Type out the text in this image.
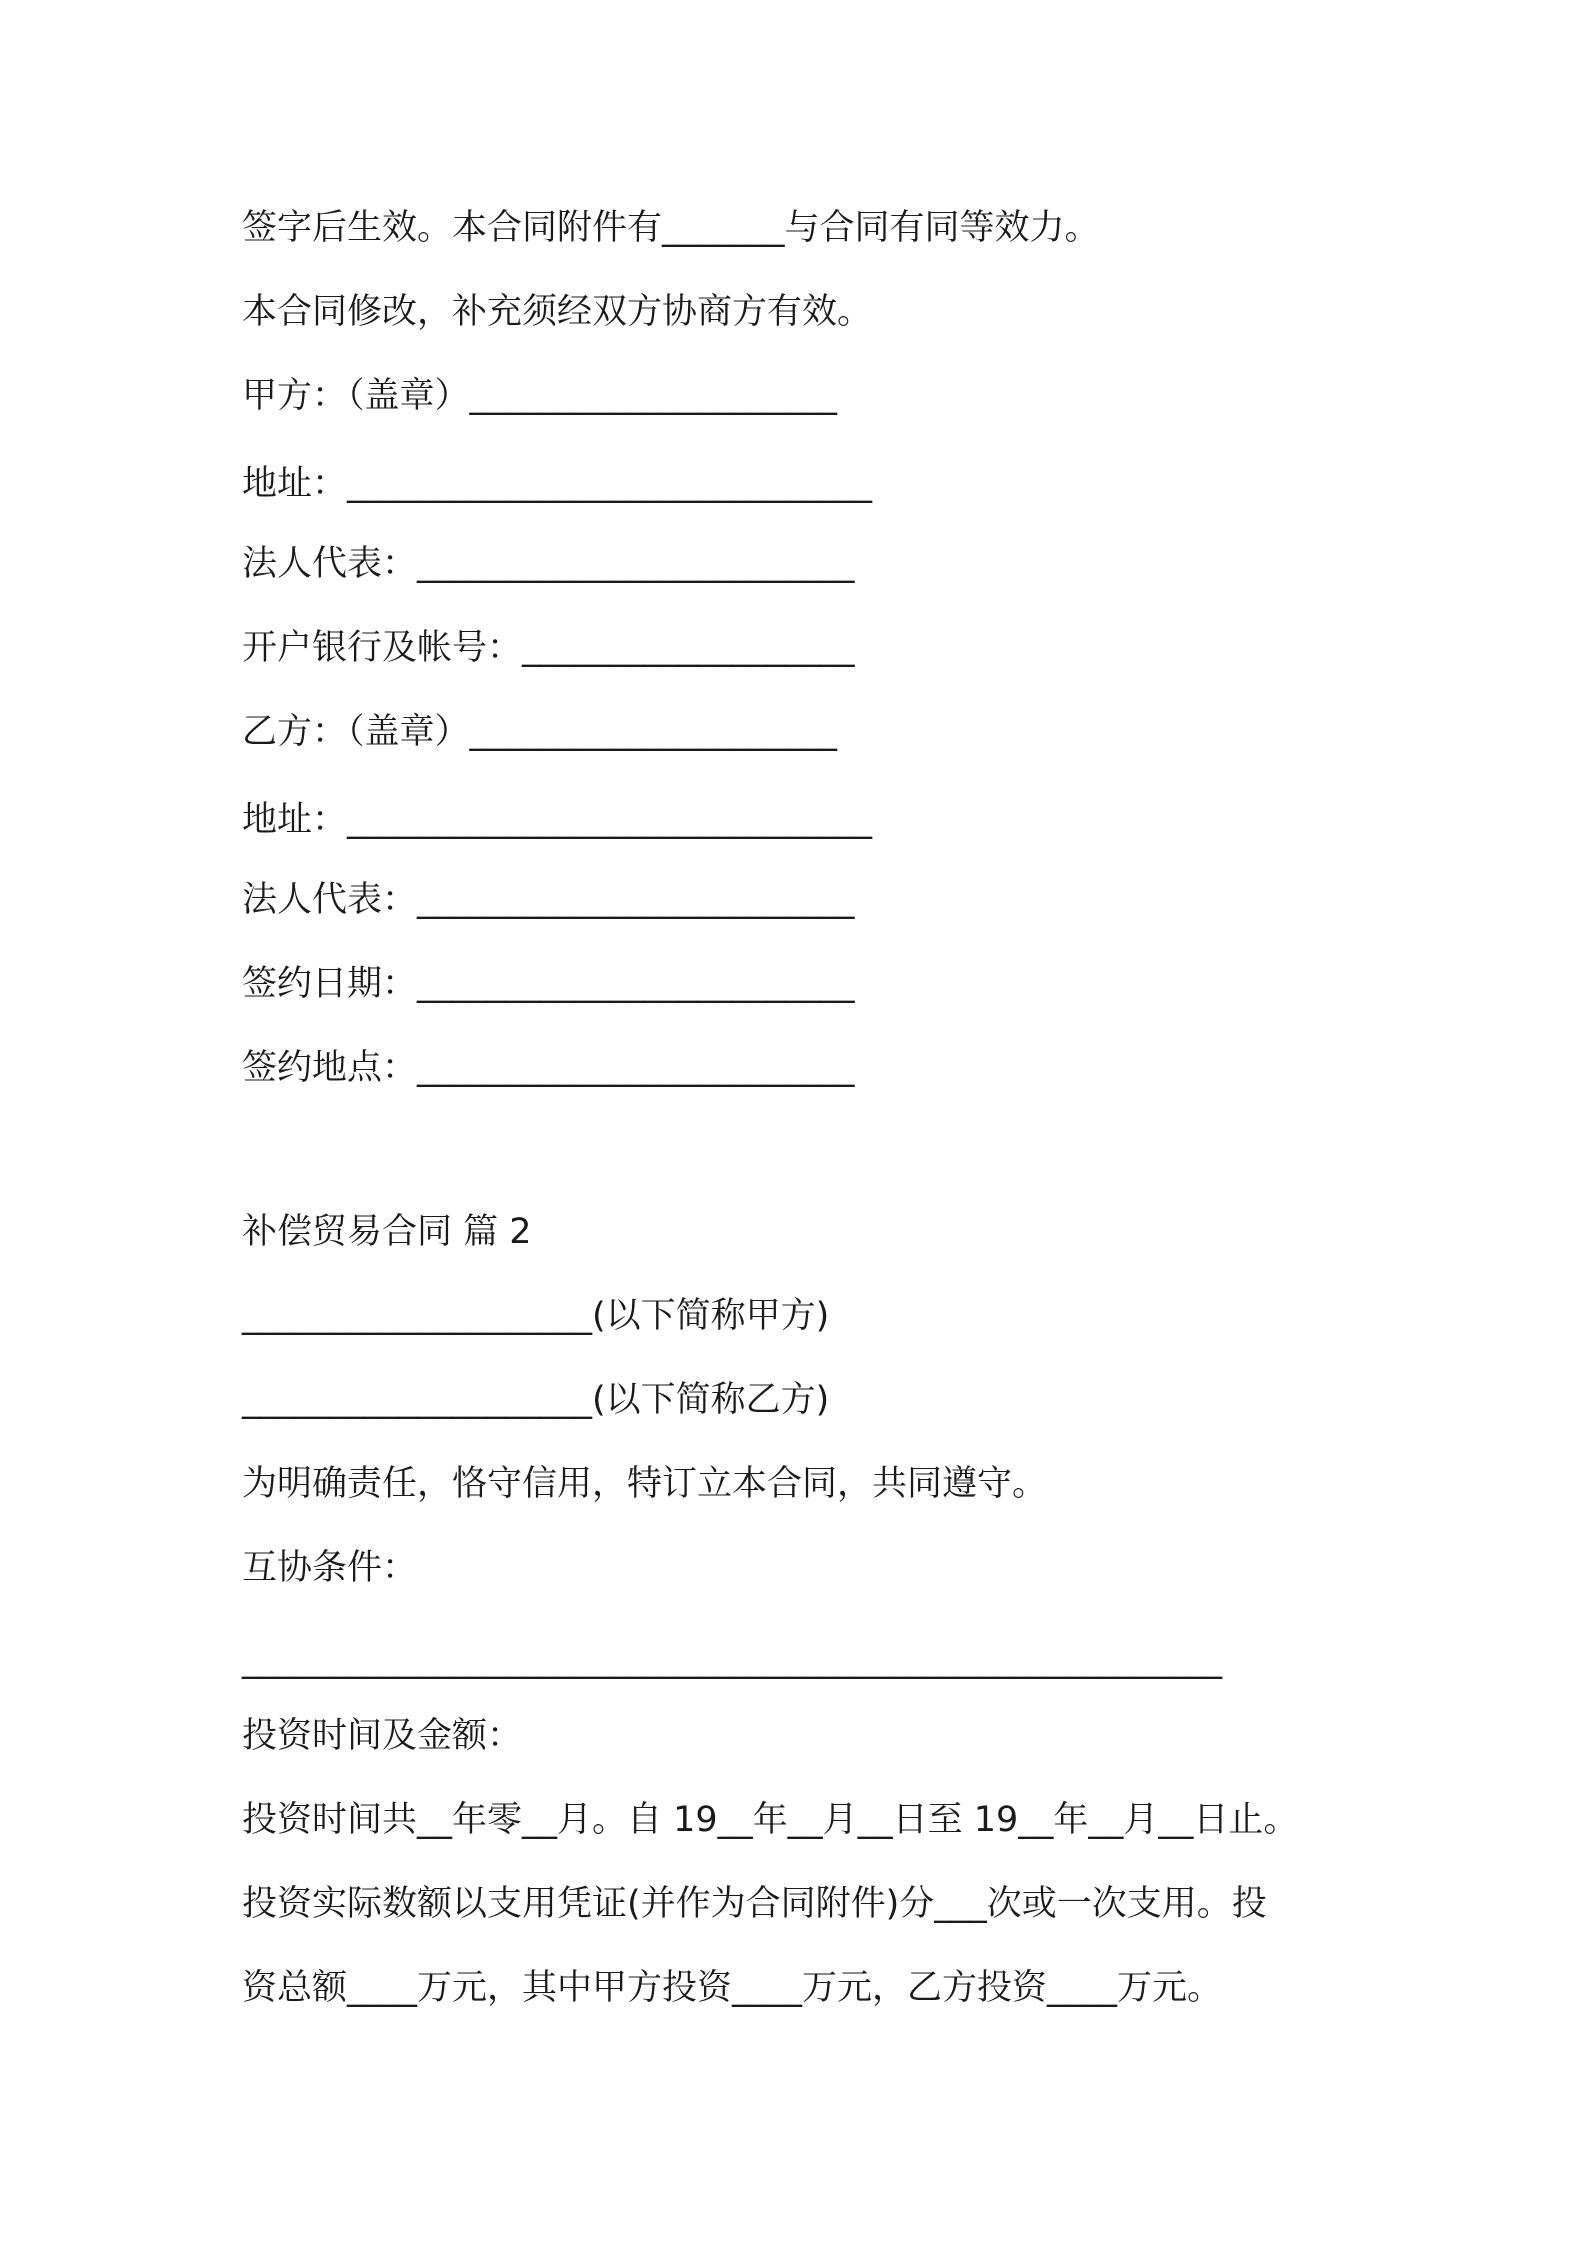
签字后生效。本合同附件有_______与合同有同等效力。
本合同修改，补充须经双方协商方有效。
甲方：（盖章）_____________________
地址：______________________________
法人代表：_________________________
开户银行及帐号：___________________
乙方：（盖章）_____________________
地址：______________________________
法人代表：_________________________
签约日期：_________________________
签约地点：_________________________
补偿贸易合同 篇 2
____________________(以下简称甲方)
____________________(以下简称乙方)
为明确责任，恪守信用，特订立本合同，共同遵守。
互协条件：
________________________________________________________
投资时间及金额：
投资时间共__年零__月。自 19__年__月__日至 19__年__月__日止。
投资实际数额以支用凭证(并作为合同附件)分___次或一次支用。投
资总额____万元，其中甲方投资____万元，乙方投资____万元。
